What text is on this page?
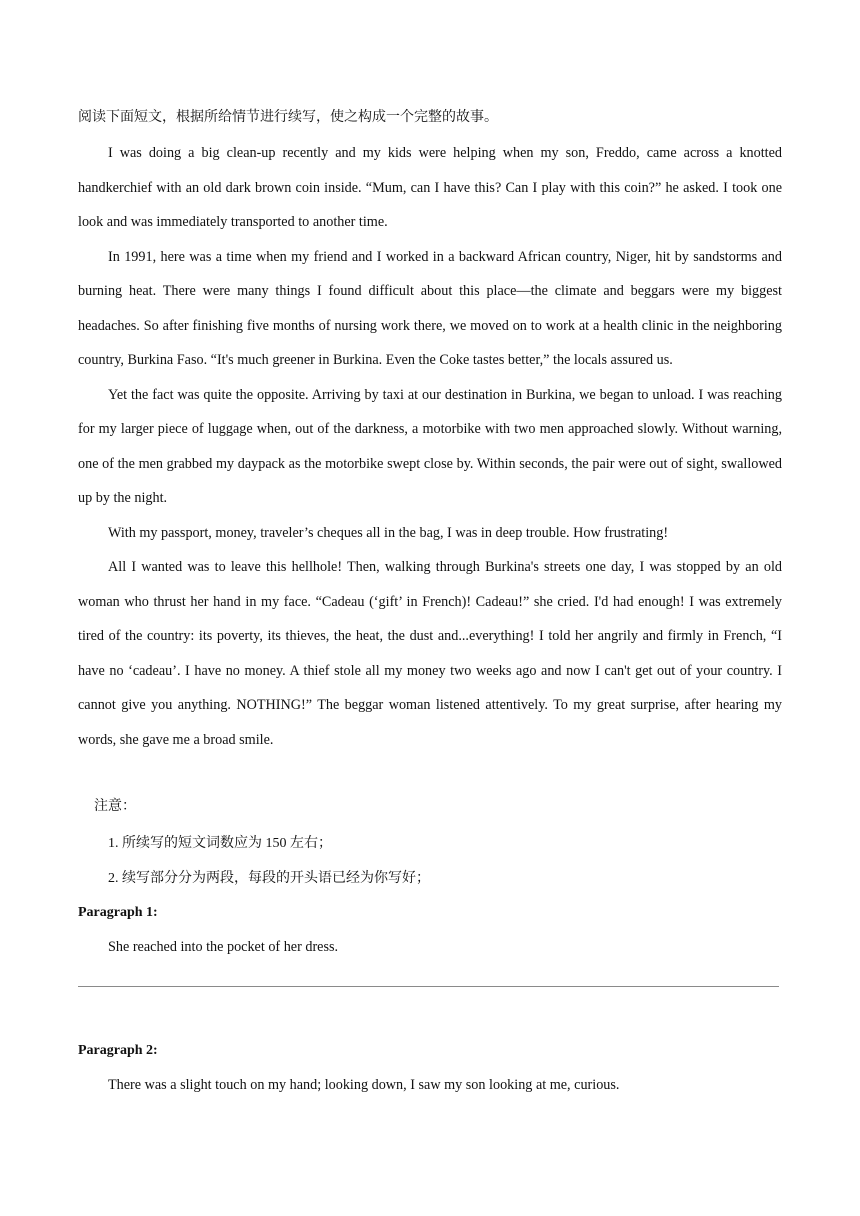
阅读下面短文，根据所给情节进行续写，使之构成一个完整的故事。

I was doing a big clean-up recently and my kids were helping when my son, Freddo, came across a knotted handkerchief with an old dark brown coin inside. “Mum, can I have this? Can I play with this coin?” he asked. I took one look and was immediately transported to another time.

In 1991, here was a time when my friend and I worked in a backward African country, Niger, hit by sandstorms and burning heat. There were many things I found difficult about this place—the climate and beggars were my biggest headaches. So after finishing five months of nursing work there, we moved on to work at a health clinic in the neighboring country, Burkina Faso. “It's much greener in Burkina. Even the Coke tastes better,” the locals assured us.

Yet the fact was quite the opposite. Arriving by taxi at our destination in Burkina, we began to unload. I was reaching for my larger piece of luggage when, out of the darkness, a motorbike with two men approached slowly. Without warning, one of the men grabbed my daypack as the motorbike swept close by. Within seconds, the pair were out of sight, swallowed up by the night.

With my passport, money, traveler’s cheques all in the bag, I was in deep trouble. How frustrating!

All I wanted was to leave this hellhole! Then, walking through Burkina's streets one day, I was stopped by an old woman who thrust her hand in my face. “Cadeau (‘gift’ in French)! Cadeau!” she cried. I'd had enough! I was extremely tired of the country: its poverty, its thieves, the heat, the dust and...everything! I told her angrily and firmly in French, “I have no ‘cadeau’. I have no money. A thief stole all my money two weeks ago and now I can't get out of your country. I cannot give you anything. NOTHING!” The beggar woman listened attentively. To my great surprise, after hearing my words, she gave me a broad smile.

注意：
1. 所续写的短文词数应为 150 左右；
2. 续写部分分为两段，每段的开头语已经为你写好；
Paragraph 1:
She reached into the pocket of her dress.
Paragraph 2:
There was a slight touch on my hand; looking down, I saw my son looking at me, curious.
